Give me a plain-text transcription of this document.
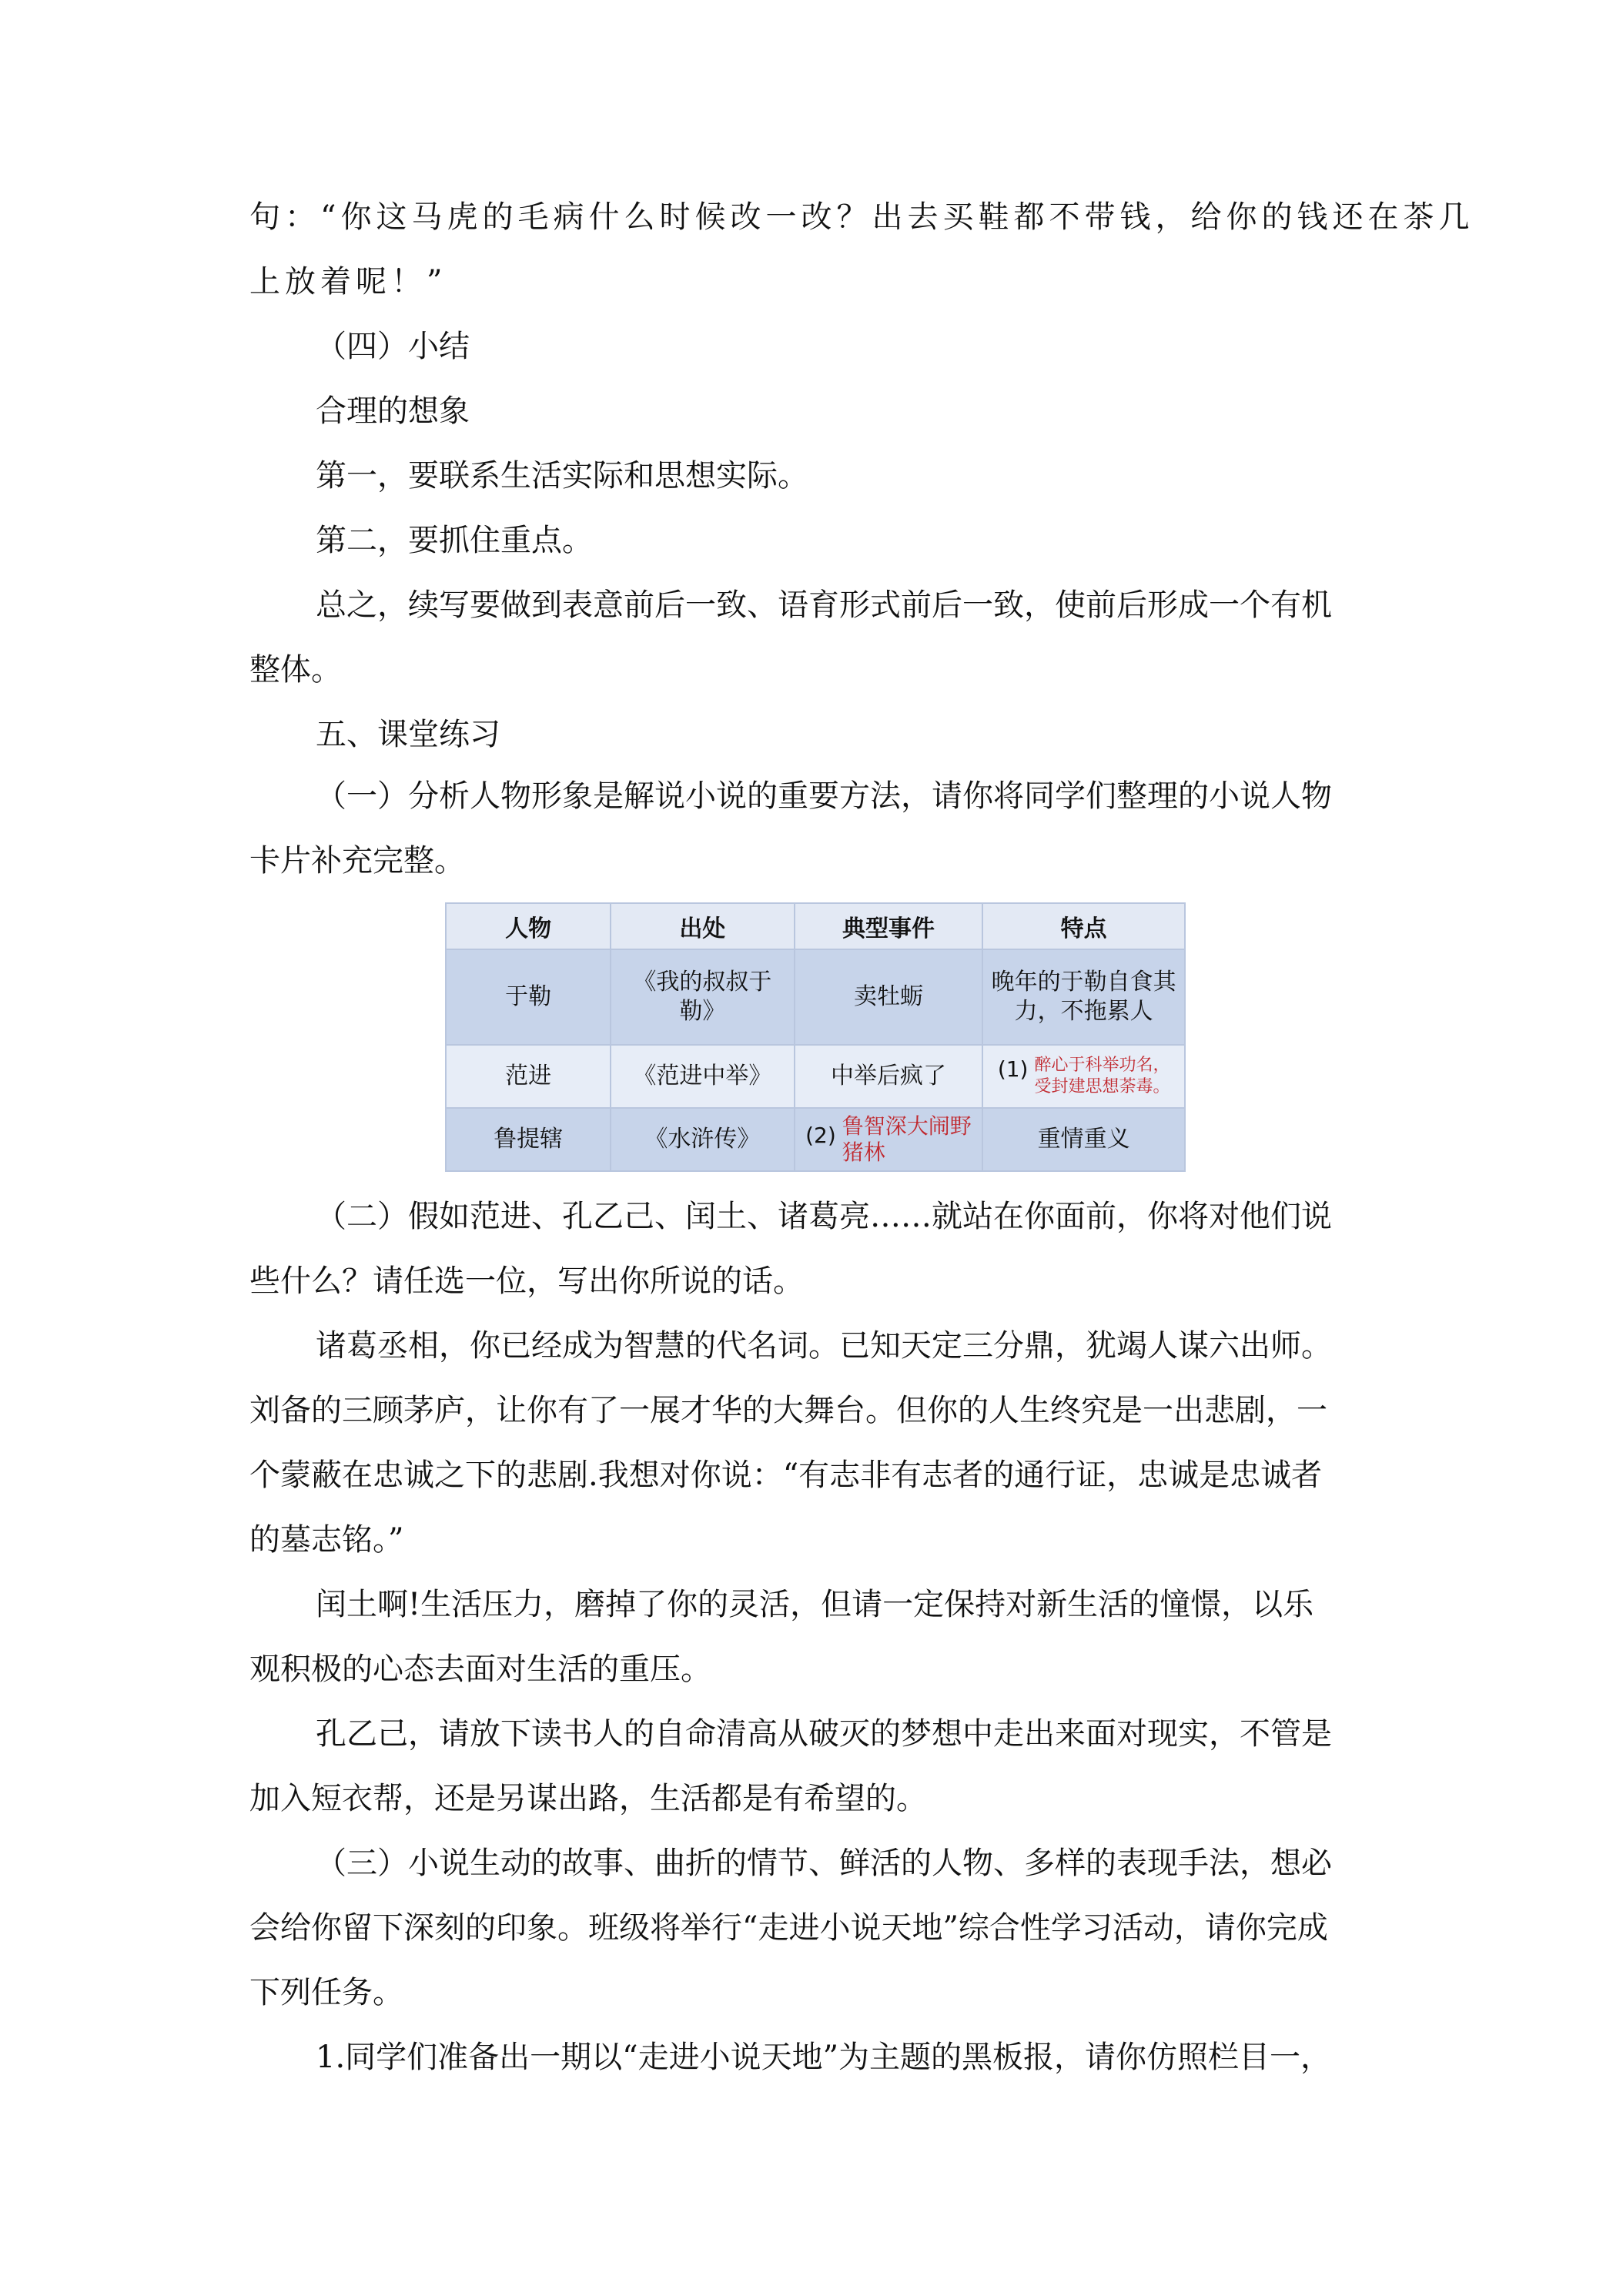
句：“你这马虎的毛病什么时候改一改？出去买鞋都不带钱，给你的钱还在茶几

上放着呢！”

（四）小结

合理的想象

第一，要联系生活实际和思想实际。

第二，要抓住重点。

总之，续写要做到表意前后一致、语育形式前后一致，使前后形成一个有机

整体。

五、课堂练习

（一）分析人物形象是解说小说的重要方法，请你将同学们整理的小说人物

卡片补充完整。

人物	出处	典型事件	特点
于勒	《我的叔叔于勒》	卖牡蛎	晚年的于勒自食其
力，不拖累人

范进	《范进中举》	中举后疯了	(1) 醉心于科举功名，
受封建思想荼毒。

鲁提辖	《水浒传》	(2) 鲁智深大闹野
猪林	重情重义

（二）假如范进、孔乙己、闰土、诸葛亮……就站在你面前，你将对他们说

些什么？请任选一位，写出你所说的话。

诸葛丞相，你已经成为智慧的代名词。已知天定三分鼎，犹竭人谋六出师。

刘备的三顾茅庐，让你有了一展才华的大舞台。但你的人生终究是一出悲剧，一

个蒙蔽在忠诚之下的悲剧.我想对你说：“有志非有志者的通行证，忠诚是忠诚者

的墓志铭。”

闰土啊!生活压力，磨掉了你的灵活，但请一定保持对新生活的憧憬，以乐

观积极的心态去面对生活的重压。

孔乙己，请放下读书人的自命清高从破灭的梦想中走出来面对现实，不管是

加入短衣帮，还是另谋出路，生活都是有希望的。

（三）小说生动的故事、曲折的情节、鲜活的人物、多样的表现手法，想必

会给你留下深刻的印象。班级将举行“走进小说天地”综合性学习活动，请你完成

下列任务。

1.同学们准备出一期以“走进小说天地”为主题的黑板报，请你仿照栏目一，
